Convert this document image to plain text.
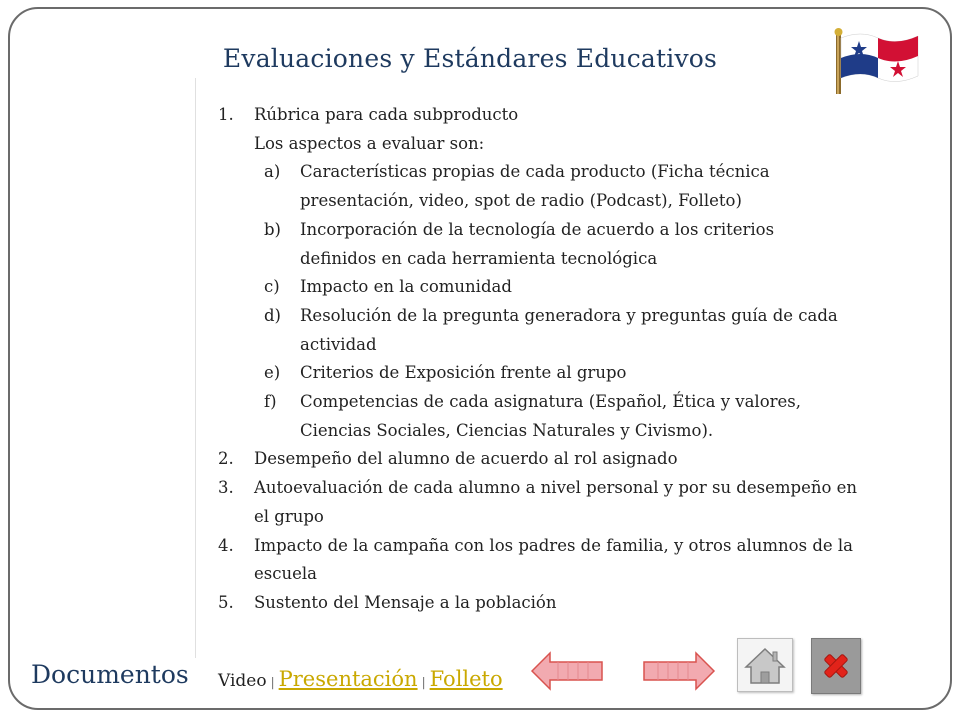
Evaluaciones y Estándares Educativos
1.	Rúbrica para cada subproducto
Los aspectos a evaluar son:
a)	Características propias de cada producto (Ficha técnica
presentación, video, spot de radio (Podcast), Folleto)
b)	Incorporación de la tecnología de acuerdo a los criterios
definidos en cada herramienta tecnológica
c)	Impacto en la comunidad
d)	Resolución de la pregunta generadora y preguntas guía de cada
actividad
e)	Criterios de Exposición frente al grupo
f)	Competencias de cada asignatura (Español, Ética y valores,
Ciencias Sociales, Ciencias Naturales y Civismo).
2.	Desempeño del alumno de acuerdo al rol asignado
3.	Autoevaluación de cada alumno a nivel personal y por su desempeño en
el grupo
4.	Impacto de la campaña con los padres de familia, y otros alumnos de la
escuela
5.	Sustento del Mensaje a la población
Documentos Video | Presentación | Folleto
